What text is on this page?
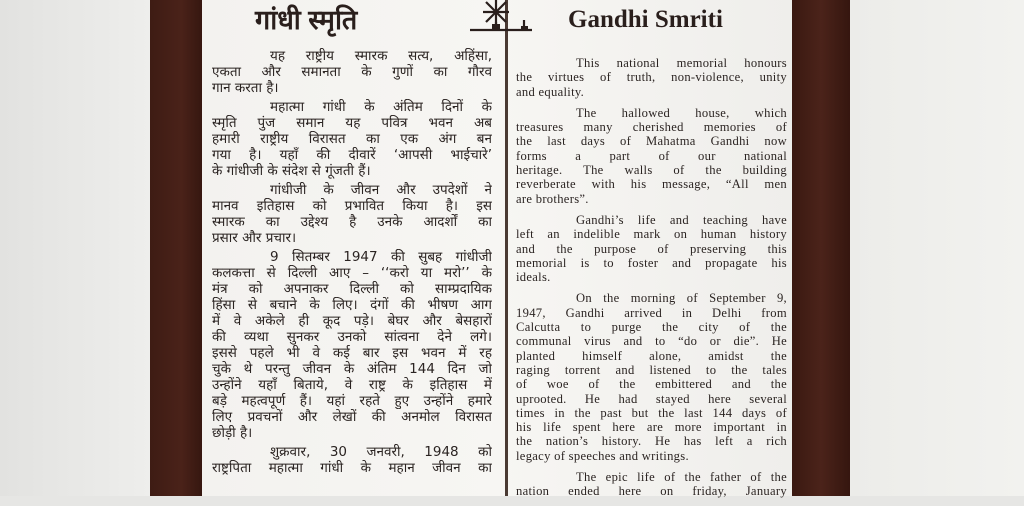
गांधी स्मृति	Gandhi Smriti
यह राष्ट्रीय स्मारक सत्य, अहिंसा,
एकता और समानता के गुणों का गौरव
गान करता है।
महात्मा गांधी के अंतिम दिनों के
स्मृति पुंज समान यह पवित्र भवन अब
हमारी राष्ट्रीय विरासत का एक अंग बन
गया है। यहाँ की दीवारें ‘आपसी भाईचारे’
के गांधीजी के संदेश से गूंजती हैं।
गांधीजी के जीवन और उपदेशों ने
मानव इतिहास को प्रभावित किया है। इस
स्मारक का उद्देश्य है उनके आदर्शों का
प्रसार और प्रचार।
9 सितम्बर 1947 की सुबह गांधीजी
कलकत्ता से दिल्ली आए – ‘‘करो या मरो’’ के
मंत्र को अपनाकर दिल्ली को साम्प्रदायिक
हिंसा से बचाने के लिए। दंगों की भीषण आग
में वे अकेले ही कूद पड़े। बेघर और बेसहारों
की व्यथा सुनकर उनको सांत्वना देने लगे।
इससे पहले भी वे कई बार इस भवन में रह
चुके थे परन्तु जीवन के अंतिम 144 दिन जो
उन्होंने यहाँ बिताये, वे राष्ट्र के इतिहास में
बड़े महत्वपूर्ण हैं। यहां रहते हुए उन्होंने हमारे
लिए प्रवचनों और लेखों की अनमोल विरासत
छोड़ी है।
शुक्रवार, 30 जनवरी, 1948 को
राष्ट्रपिता महात्मा गांधी के महान जीवन का
This national memorial honours
the virtues of truth, non-violence, unity
and equality.
The hallowed house, which
treasures many cherished memories of
the last days of Mahatma Gandhi now
forms a part of our national
heritage. The walls of the building
reverberate with his message, “All men
are brothers”.
Gandhi’s life and teaching have
left an indelible mark on human history
and the purpose of preserving this
memorial is to foster and propagate his
ideals.
On the morning of September 9,
1947, Gandhi arrived in Delhi from
Calcutta to purge the city of the
communal virus and to “do or die”. He
planted himself alone, amidst the
raging torrent and listened to the tales
of woe of the embittered and the
uprooted. He had stayed here several
times in the past but the last 144 days of
his life spent here are more important in
the nation’s history. He has left a rich
legacy of speeches and writings.
The epic life of the father of the
nation ended here on friday, January
